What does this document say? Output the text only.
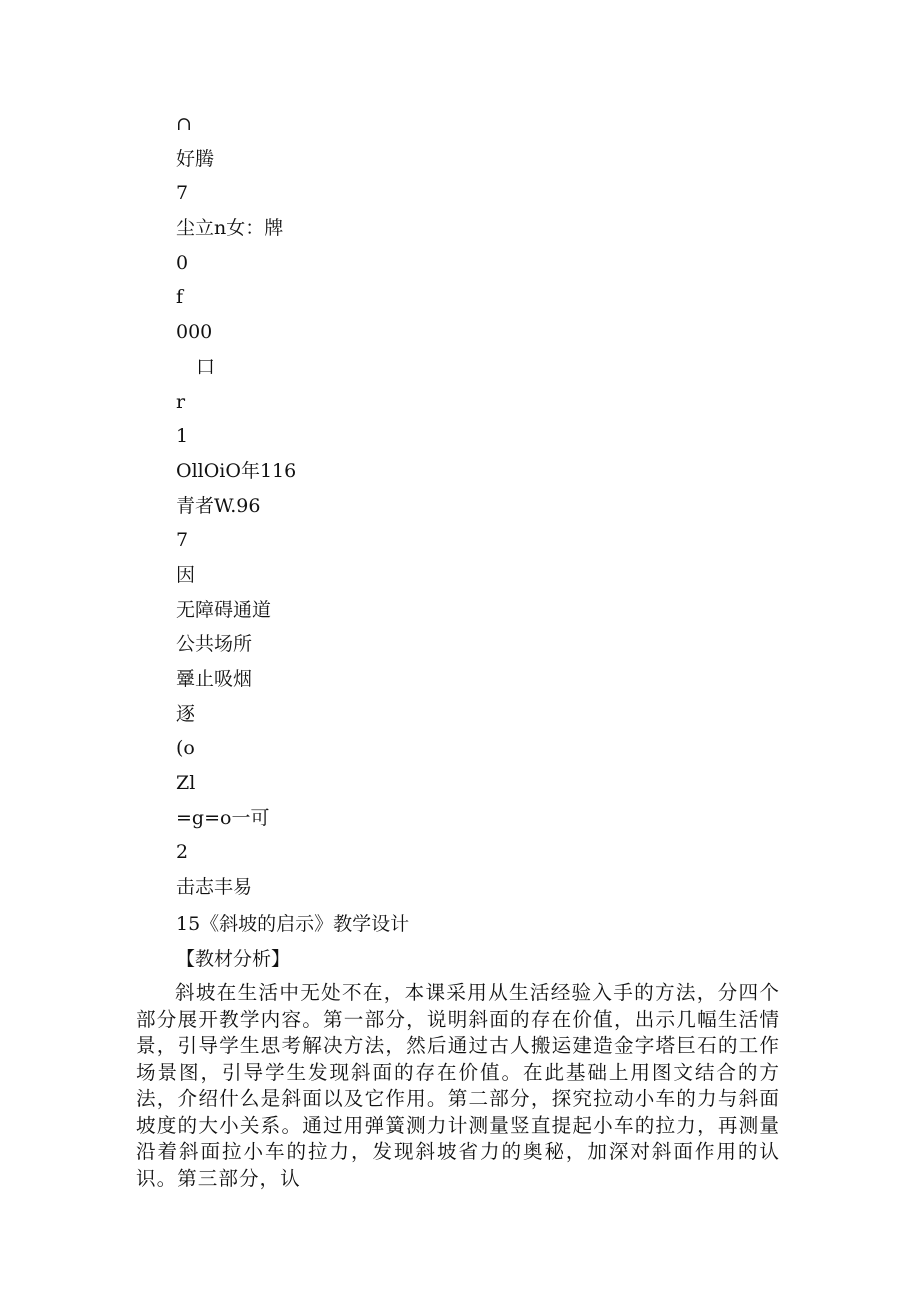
∩
好腾
7
尘立n女：牌
0
f
000
口
r
1
OllOiO年116
青者W.96
7
因
无障碍通道
公共场所
鞷止吸烟
逐
(o
Zl
=g=o一可
2
击志丰易
15《斜坡的启示》教学设计
【教材分析】

斜坡在生活中无处不在，本课采用从生活经验入手的方法，分四个部分展开教学内容。第一部分，说明斜面的存在价值，出示几幅生活情景，引导学生思考解决方法，然后通过古人搬运建造金字塔巨石的工作场景图，引导学生发现斜面的存在价值。在此基础上用图文结合的方法，介绍什么是斜面以及它作用。第二部分，探究拉动小车的力与斜面坡度的大小关系。通过用弹簧测力计测量竖直提起小车的拉力，再测量沿着斜面拉小车的拉力，发现斜坡省力的奥秘，加深对斜面作用的认识。第三部分，认
